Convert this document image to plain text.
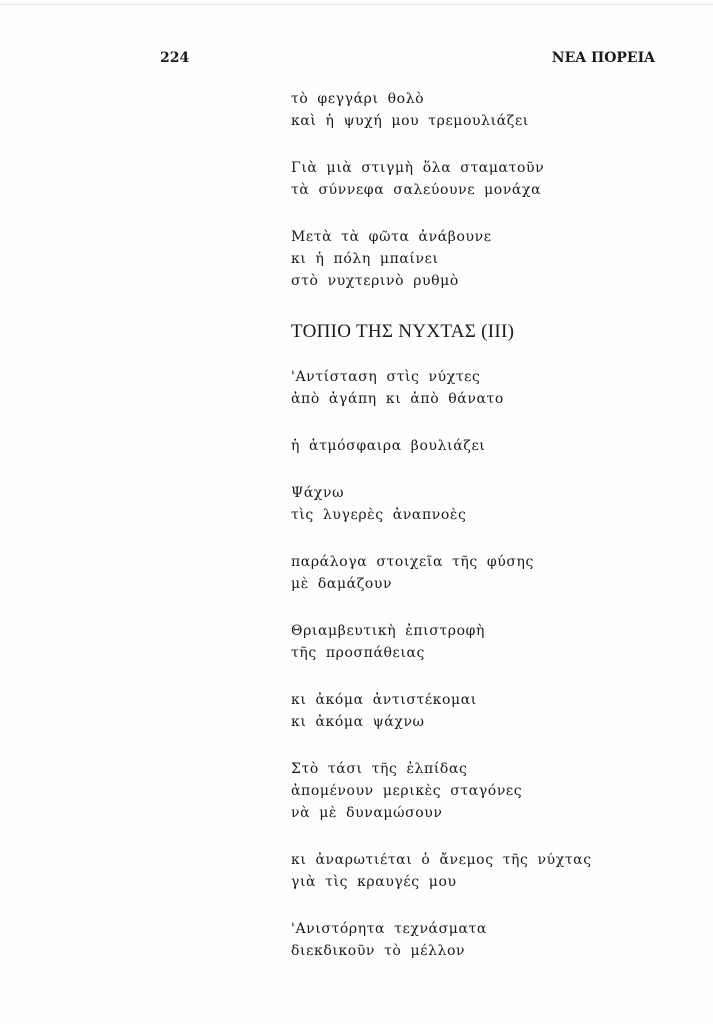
224	ΝΕΑ ΠΟΡΕΙΑ
τὸ φεγγάρι θολὸ
καὶ ἡ ψυχή μου τρεμουλιάζει
Γιὰ μιὰ στιγμὴ ὅλα σταματοῦν
τὰ σύννεφα σαλεύουνε μονάχα
Μετὰ τὰ φῶτα ἀνάβουνε
κι ἡ πόλη μπαίνει
στὸ νυχτερινὸ ρυθμὸ
ΤΟΠΙΟ ΤΗΣ ΝΥΧΤΑΣ (III)
'Αντίσταση στὶς νύχτες
ἀπὸ ἀγάπη κι ἀπὸ θάνατο
ἡ ἀτμόσφαιρα βουλιάζει
Ψάχνω
τὶς λυγερὲς ἀναπνοὲς
παράλογα στοιχεῖα τῆς φύσης
μὲ δαμάζουν
Θριαμβευτικὴ ἐπιστροφὴ
τῆς προσπάθειας
κι ἀκόμα ἀντιστέκομαι
κι ἀκόμα ψάχνω
Στὸ τάσι τῆς ἐλπίδας
ἀπομένουν μερικὲς σταγόνες
νὰ μὲ δυναμώσουν
κι ἀναρωτιέται ὁ ἄνεμος τῆς νύχτας
γιὰ τὶς κραυγές μου
'Ανιστόρητα τεχνάσματα
διεκδικοῦν τὸ μέλλον
